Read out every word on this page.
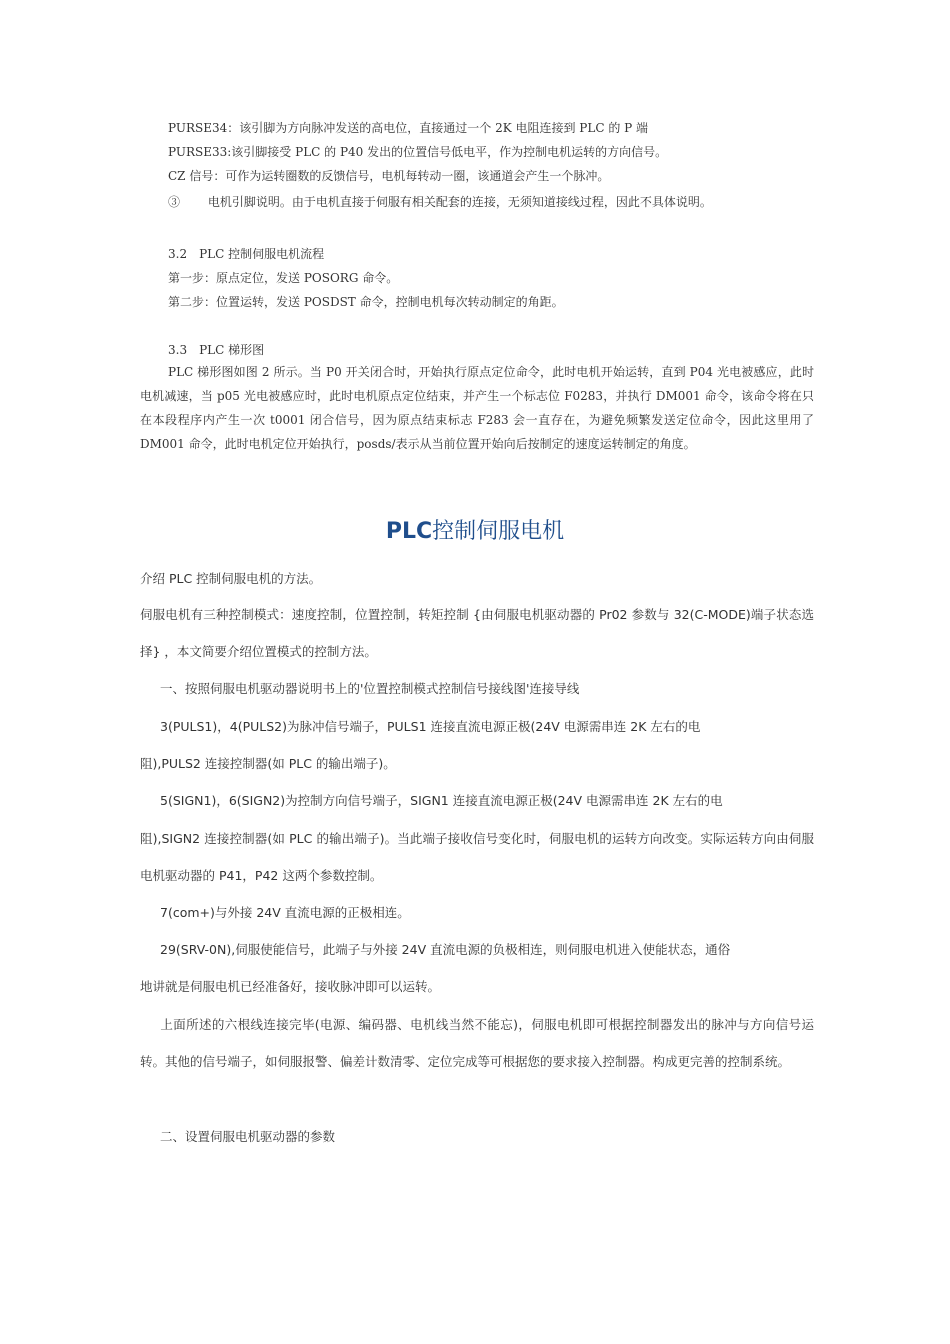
PURSE34：该引脚为方向脉冲发送的高电位，直接通过一个 2K 电阻连接到 PLC 的 P 端
PURSE33:该引脚接受 PLC 的 P40 发出的位置信号低电平，作为控制电机运转的方向信号。
CZ 信号：可作为运转圈数的反馈信号，电机每转动一圈，该通道会产生一个脉冲。
③　　 电机引脚说明。由于电机直接于伺服有相关配套的连接，无须知道接线过程，因此不具体说明。
3.2　PLC 控制伺服电机流程
第一步：原点定位，发送 POSORG 命令。
第二步：位置运转，发送 POSDST 命令，控制电机每次转动制定的角距。
3.3　PLC 梯形图
PLC 梯形图如图 2 所示。当 P0 开关闭合时，开始执行原点定位命令，此时电机开始运转，直到 P04 光电被感应，此时电机减速，当 p05 光电被感应时，此时电机原点定位结束，并产生一个标志位 F0283，并执行 DM001 命令，该命令将在只在本段程序内产生一次 t0001 闭合信号，因为原点结束标志 F283 会一直存在，为避免频繁发送定位命令，因此这里用了 DM001 命令，此时电机定位开始执行，posds/表示从当前位置开始向后按制定的速度运转制定的角度。
PLC控制伺服电机
介绍 PLC 控制伺服电机的方法。
伺服电机有三种控制模式：速度控制，位置控制，转矩控制 {由伺服电机驱动器的 Pr02 参数与 32(C-MODE)端子状态选择} ，本文简要介绍位置模式的控制方法。
一、按照伺服电机驱动器说明书上的'位置控制模式控制信号接线图'连接导线
3(PULS1)，4(PULS2)为脉冲信号端子，PULS1 连接直流电源正极(24V 电源需串连 2K 左右的电
阻),PULS2 连接控制器(如 PLC 的输出端子)。
5(SIGN1)，6(SIGN2)为控制方向信号端子，SIGN1 连接直流电源正极(24V 电源需串连 2K 左右的电
阻),SIGN2 连接控制器(如 PLC 的输出端子)。当此端子接收信号变化时，伺服电机的运转方向改变。实际运转方向由伺服电机驱动器的 P41，P42 这两个参数控制。
7(com+)与外接 24V 直流电源的正极相连。
29(SRV-0N),伺服使能信号，此端子与外接 24V 直流电源的负极相连，则伺服电机进入使能状态，通俗
地讲就是伺服电机已经准备好，接收脉冲即可以运转。
上面所述的六根线连接完毕(电源、编码器、电机线当然不能忘)，伺服电机即可根据控制器发出的脉冲与方向信号运转。其他的信号端子，如伺服报警、偏差计数清零、定位完成等可根据您的要求接入控制器。构成更完善的控制系统。
二、设置伺服电机驱动器的参数
